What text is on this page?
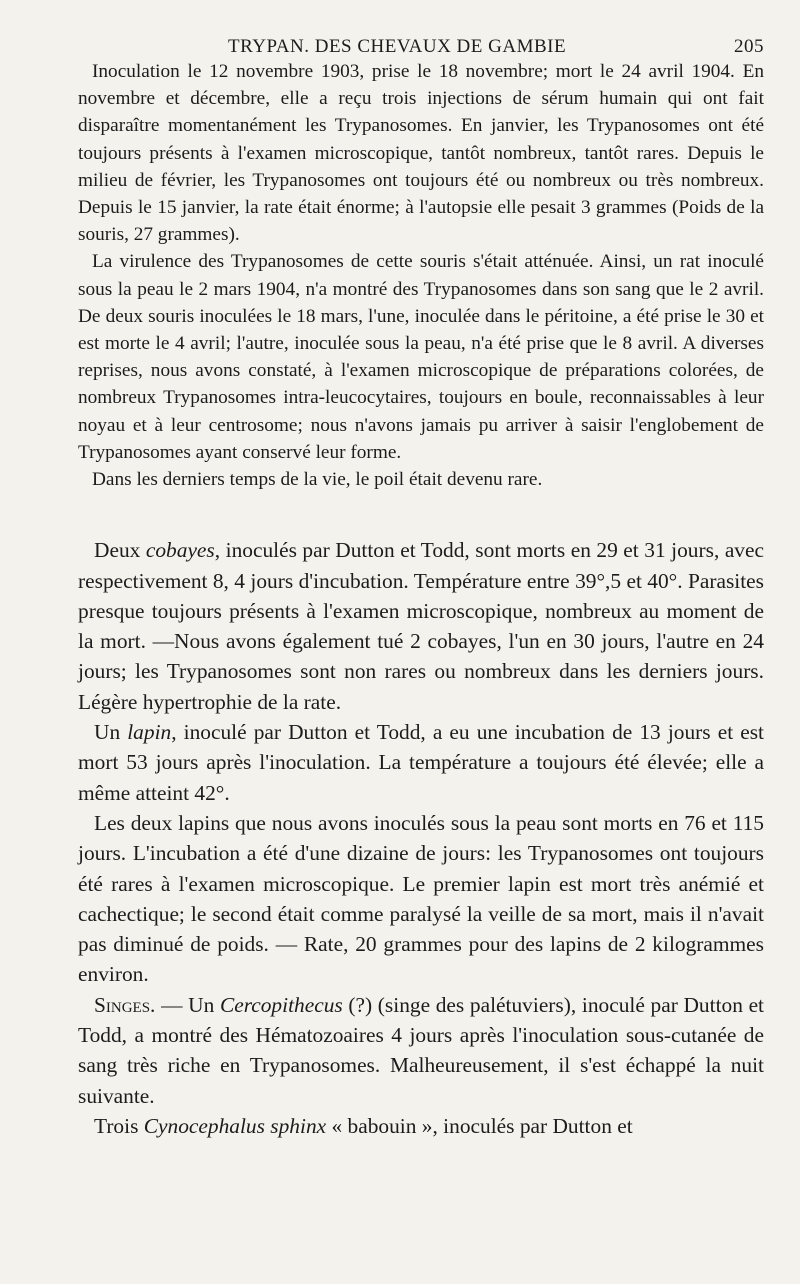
TRYPAN. DES CHEVAUX DE GAMBIE	205

Inoculation le 12 novembre 1903, prise le 18 novembre; mort le 24 avril 1904. En novembre et décembre, elle a reçu trois injections de sérum humain qui ont fait disparaître momentanément les Trypanosomes. En janvier, les Trypanosomes ont été toujours présents à l'examen microscopique, tantôt nombreux, tantôt rares. Depuis le milieu de février, les Trypanosomes ont toujours été ou nombreux ou très nombreux. Depuis le 15 janvier, la rate était énorme; à l'autopsie elle pesait 3 grammes (Poids de la souris, 27 grammes).

La virulence des Trypanosomes de cette souris s'était atténuée. Ainsi, un rat inoculé sous la peau le 2 mars 1904, n'a montré des Trypanosomes dans son sang que le 2 avril. De deux souris inoculées le 18 mars, l'une, inoculée dans le péritoine, a été prise le 30 et est morte le 4 avril; l'autre, inoculée sous la peau, n'a été prise que le 8 avril. A diverses reprises, nous avons constaté, à l'examen microscopique de préparations colorées, de nombreux Trypanosomes intra-leucocytaires, toujours en boule, reconnaissables à leur noyau et à leur centrosome; nous n'avons jamais pu arriver à saisir l'englobement de Trypanosomes ayant conservé leur forme.

Dans les derniers temps de la vie, le poil était devenu rare.

Deux cobayes, inoculés par Dutton et Todd, sont morts en 29 et 31 jours, avec respectivement 8, 4 jours d'incubation. Température entre 39°,5 et 40°. Parasites presque toujours présents à l'examen microscopique, nombreux au moment de la mort. —Nous avons également tué 2 cobayes, l'un en 30 jours, l'autre en 24 jours; les Trypanosomes sont non rares ou nombreux dans les derniers jours. Légère hypertrophie de la rate.

Un lapin, inoculé par Dutton et Todd, a eu une incubation de 13 jours et est mort 53 jours après l'inoculation. La température a toujours été élevée; elle a même atteint 42°.

Les deux lapins que nous avons inoculés sous la peau sont morts en 76 et 115 jours. L'incubation a été d'une dizaine de jours: les Trypanosomes ont toujours été rares à l'examen microscopique. Le premier lapin est mort très anémié et cachectique; le second était comme paralysé la veille de sa mort, mais il n'avait pas diminué de poids. — Rate, 20 grammes pour des lapins de 2 kilogrammes environ.

Singes. — Un Cercopithecus (?) (singe des palétuviers), inoculé par Dutton et Todd, a montré des Hématozoaires 4 jours après l'inoculation sous-cutanée de sang très riche en Trypanosomes. Malheureusement, il s'est échappé la nuit suivante.

Trois Cynocephalus sphinx « babouin », inoculés par Dutton et
